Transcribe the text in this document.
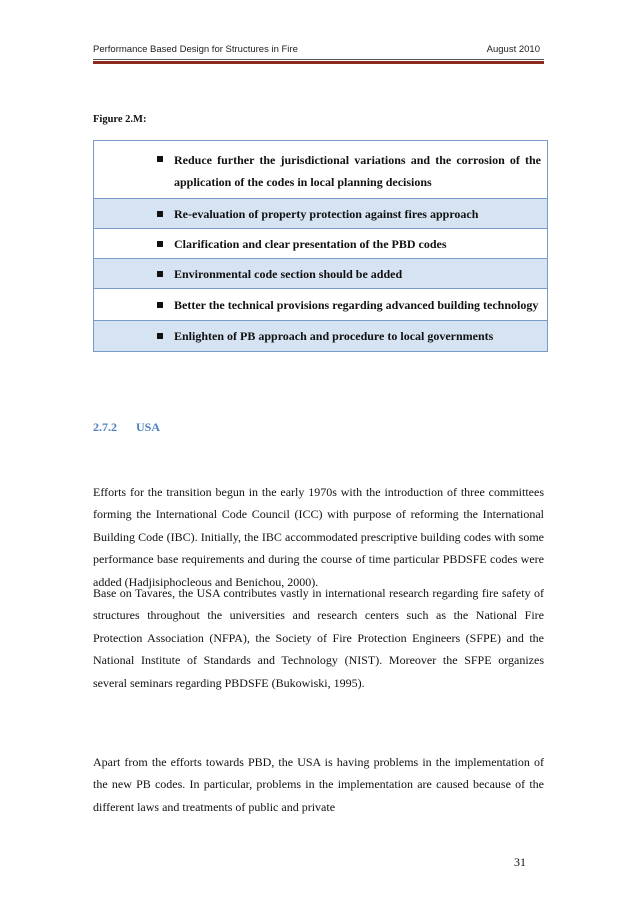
Performance Based Design for Structures in Fire	August 2010
Figure 2.M:
Reduce further the jurisdictional variations and the corrosion of the application of the codes in local planning decisions
Re-evaluation of property protection against fires approach
Clarification and clear presentation of the PBD codes
Environmental code section should be added
Better the technical provisions regarding advanced building technology
Enlighten of PB approach and procedure to local governments
2.7.2 USA
Efforts for the transition begun in the early 1970s with the introduction of three committees forming the International Code Council (ICC) with purpose of reforming the International Building Code (IBC). Initially, the IBC accommodated prescriptive building codes with some performance base requirements and during the course of time particular PBDSFE codes were added (Hadjisiphocleous and Benichou, 2000).
Base on Tavares, the USA contributes vastly in international research regarding fire safety of structures throughout the universities and research centers such as the National Fire Protection Association (NFPA), the Society of Fire Protection Engineers (SFPE) and the National Institute of Standards and Technology (NIST). Moreover the SFPE organizes several seminars regarding PBDSFE (Bukowiski, 1995).
Apart from the efforts towards PBD, the USA is having problems in the implementation of the new PB codes. In particular, problems in the implementation are caused because of the different laws and treatments of public and private
31
